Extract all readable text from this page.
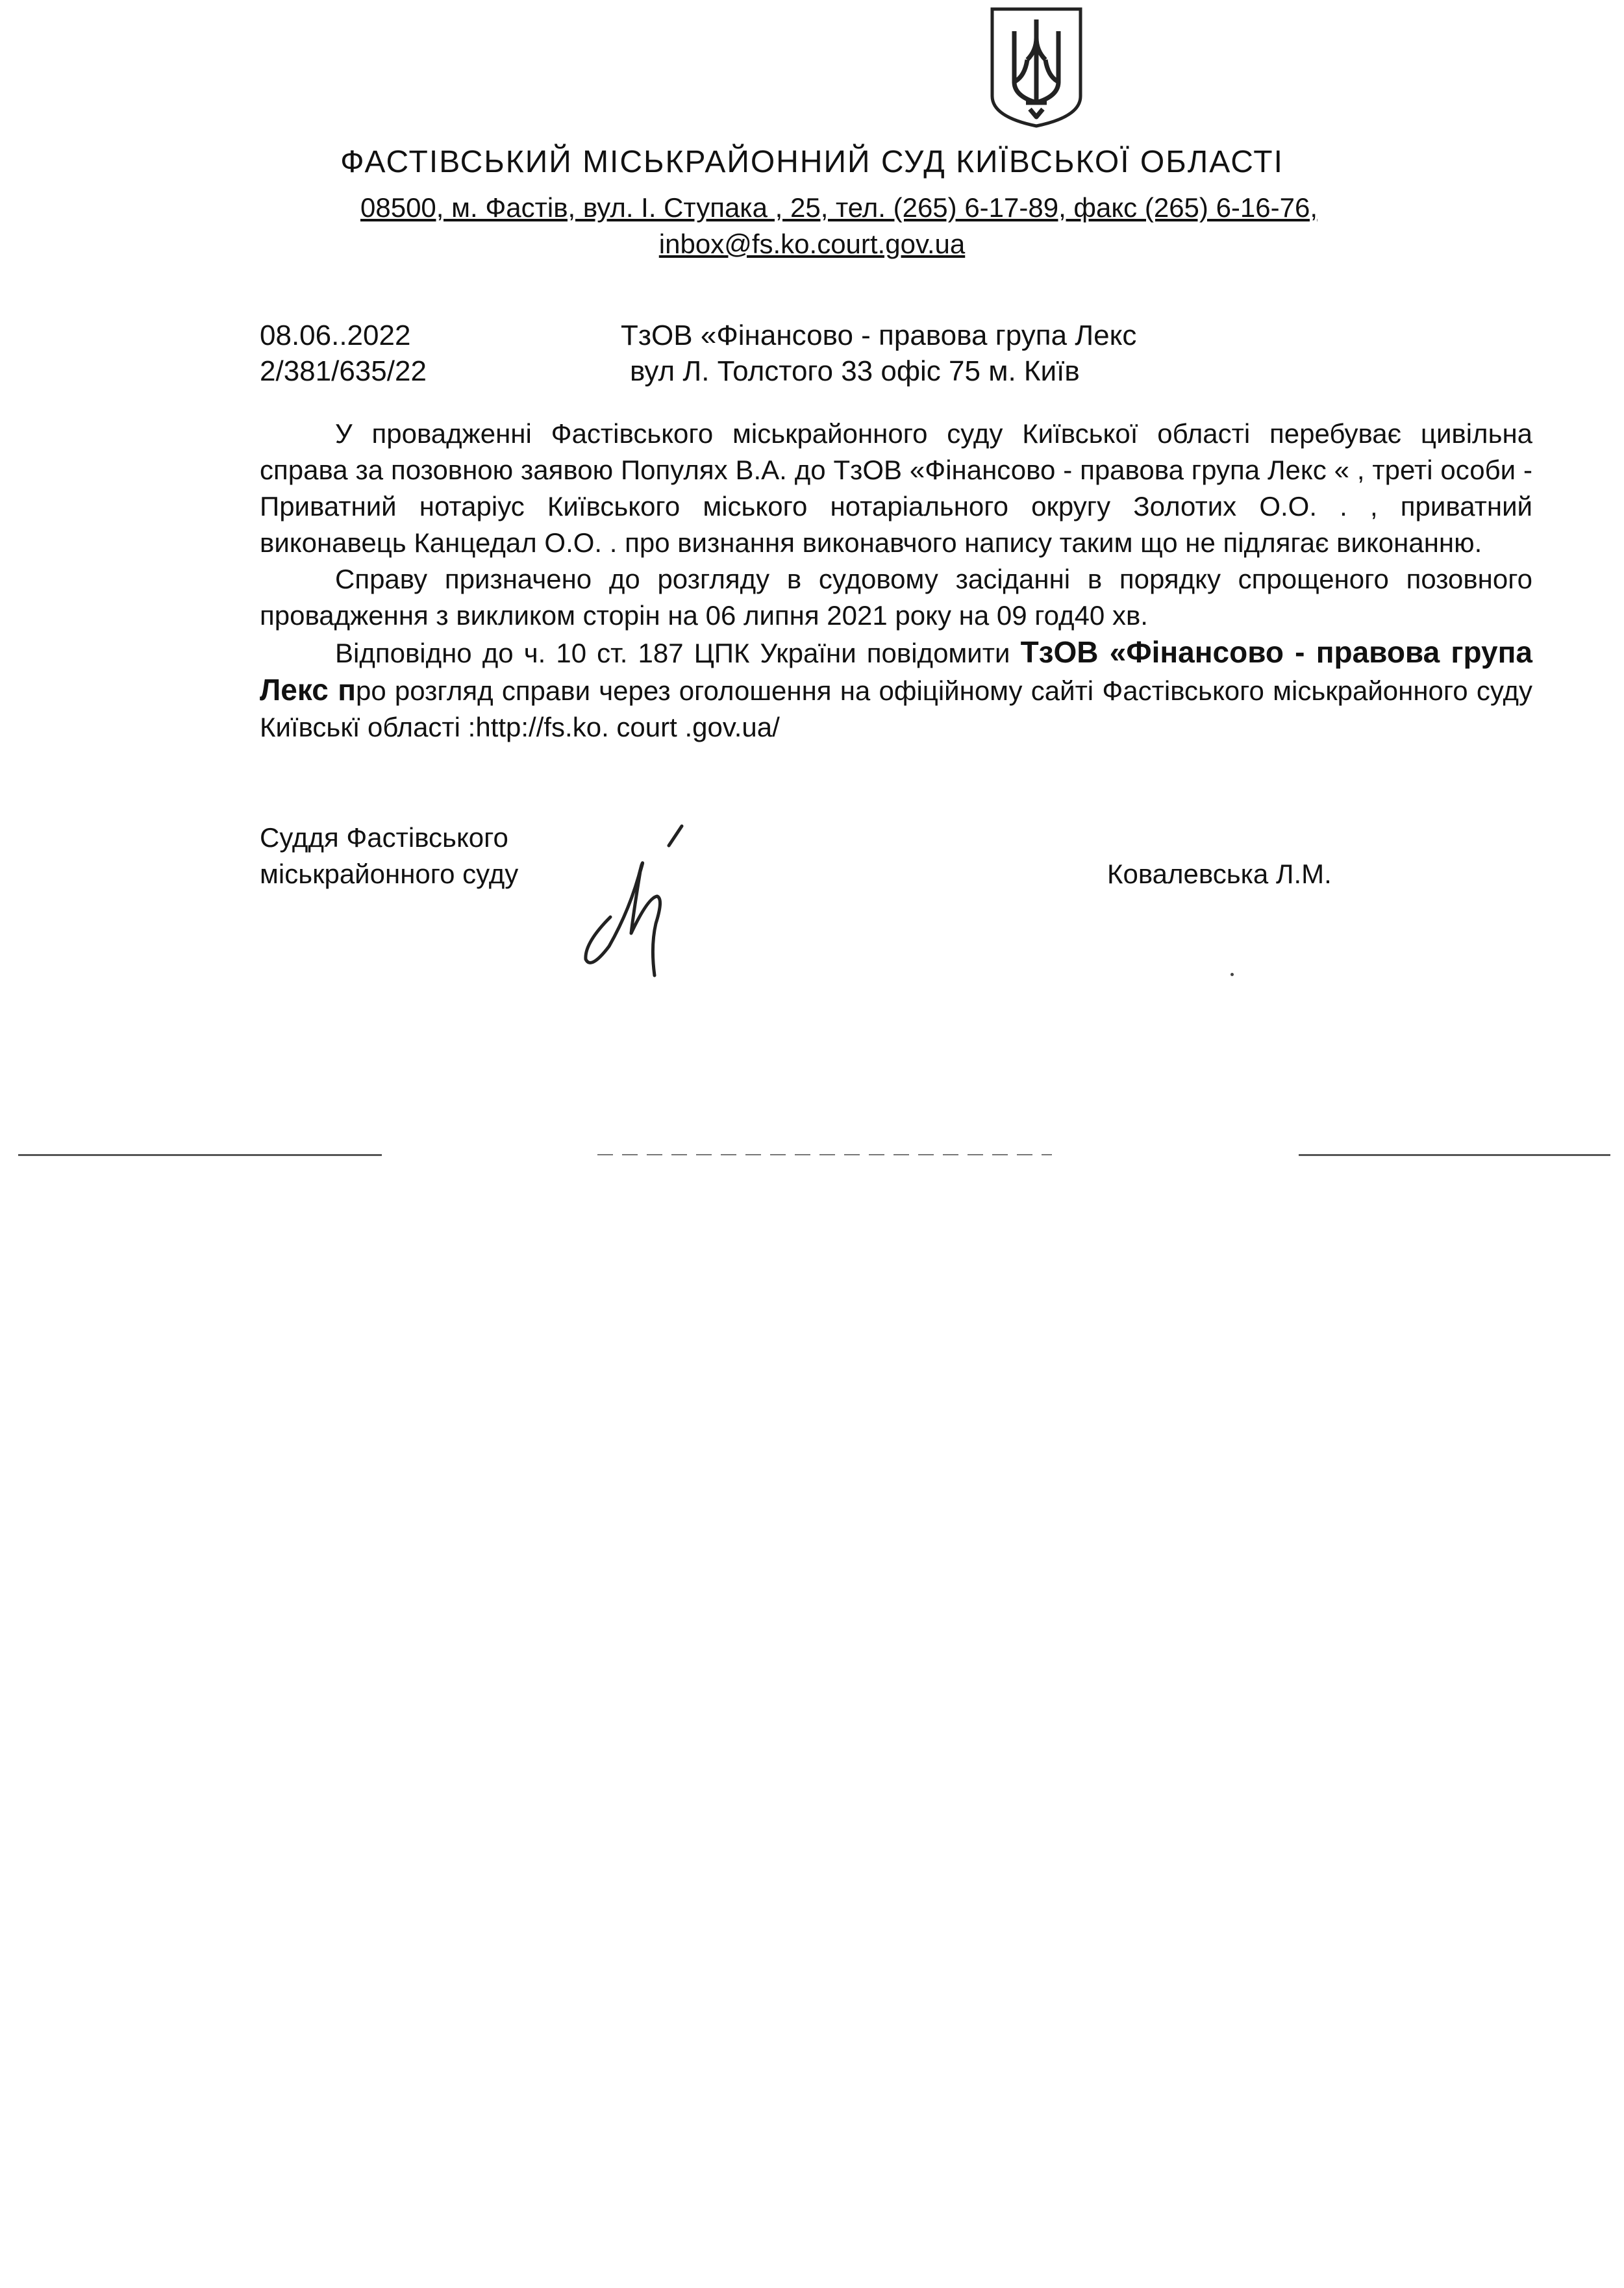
ФАСТІВСЬКИЙ МІСЬКРАЙОННИЙ СУД КИЇВСЬКОЇ ОБЛАСТІ
08500, м. Фастів, вул. І. Ступака , 25, тел. (265) 6-17-89, факс (265) 6-16-76,
inbox@fs.ko.court.gov.ua
08.06..2022
2/381/635/22
ТзОВ «Фінансово - правова група Лекс
вул Л. Толстого 33 офіс 75 м. Київ

У провадженні Фастівського міськрайонного суду Київської області перебуває цивільна справа за позовною заявою Популях В.А. до ТзОВ «Фінансово - правова група Лекс « , треті особи - Приватний нотаріус Київського міського нотаріального округу Золотих О.О. . , приватний виконавець Канцедал О.О. . про визнання виконавчого напису таким що не підлягає виконанню.

Справу призначено до розгляду в судовому засіданні в порядку спрощеного позовного провадження з викликом сторін на 06 липня 2021 року на 09 год40 хв.

Відповідно до ч. 10 ст. 187 ЦПК України повідомити ТзОВ «Фінансово - правова група Лекс про розгляд справи через оголошення на офіційному сайті Фастівського міськрайонного суду Київськї області :http://fs.ko. court .gov.ua/

Суддя Фастівського
міськрайонного суду	Ковалевська Л.М.
